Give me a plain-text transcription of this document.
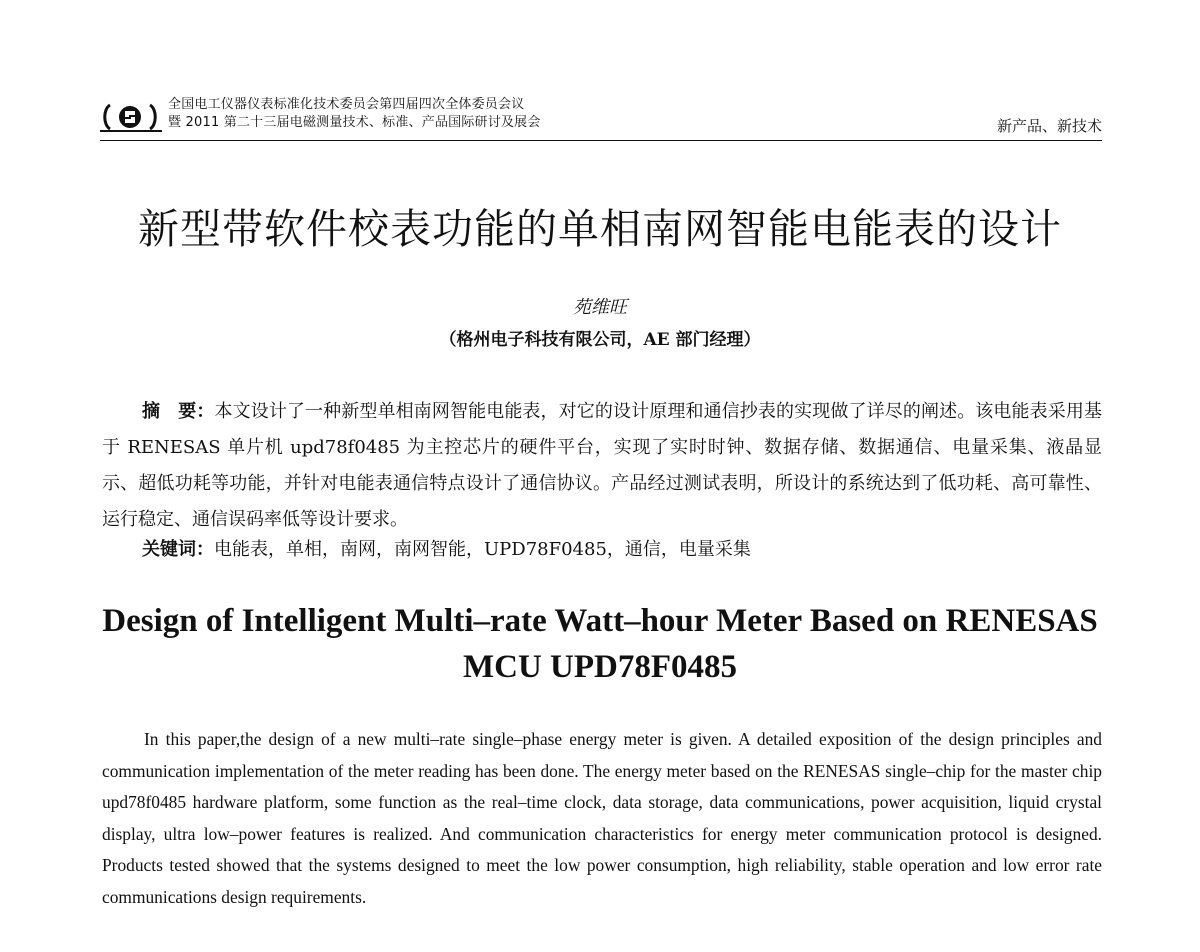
全国电工仪器仪表标准化技术委员会第四届四次全体委员会议
暨 2011 第二十三届电磁测量技术、标准、产品国际研讨及展会	新产品、新技术
新型带软件校表功能的单相南网智能电能表的设计
苑维旺
（格州电子科技有限公司，AE 部门经理）

摘　要：本文设计了一种新型单相南网智能电能表，对它的设计原理和通信抄表的实现做了详尽的阐述。该电能表采用基于 RENESAS 单片机 upd78f0485 为主控芯片的硬件平台，实现了实时时钟、数据存储、数据通信、电量采集、液晶显示、超低功耗等功能，并针对电能表通信特点设计了通信协议。产品经过测试表明，所设计的系统达到了低功耗、高可靠性、运行稳定、通信误码率低等设计要求。

关键词：电能表，单相，南网，南网智能，UPD78F0485，通信，电量采集

Design of Intelligent Multi–rate Watt–hour Meter Based on RENESAS MCU UPD78F0485

In this paper,the design of a new multi–rate single–phase energy meter is given. A detailed exposition of the design principles and communication implementation of the meter reading has been done. The energy meter based on the RENESAS single–chip for the master chip upd78f0485 hardware platform, some function as the real–time clock, data storage, data communications, power acquisition, liquid crystal display, ultra low–power features is realized. And communication characteristics for energy meter communication protocol is designed. Products tested showed that the systems designed to meet the low power consumption, high reliability, stable operation and low error rate communications design requirements.
